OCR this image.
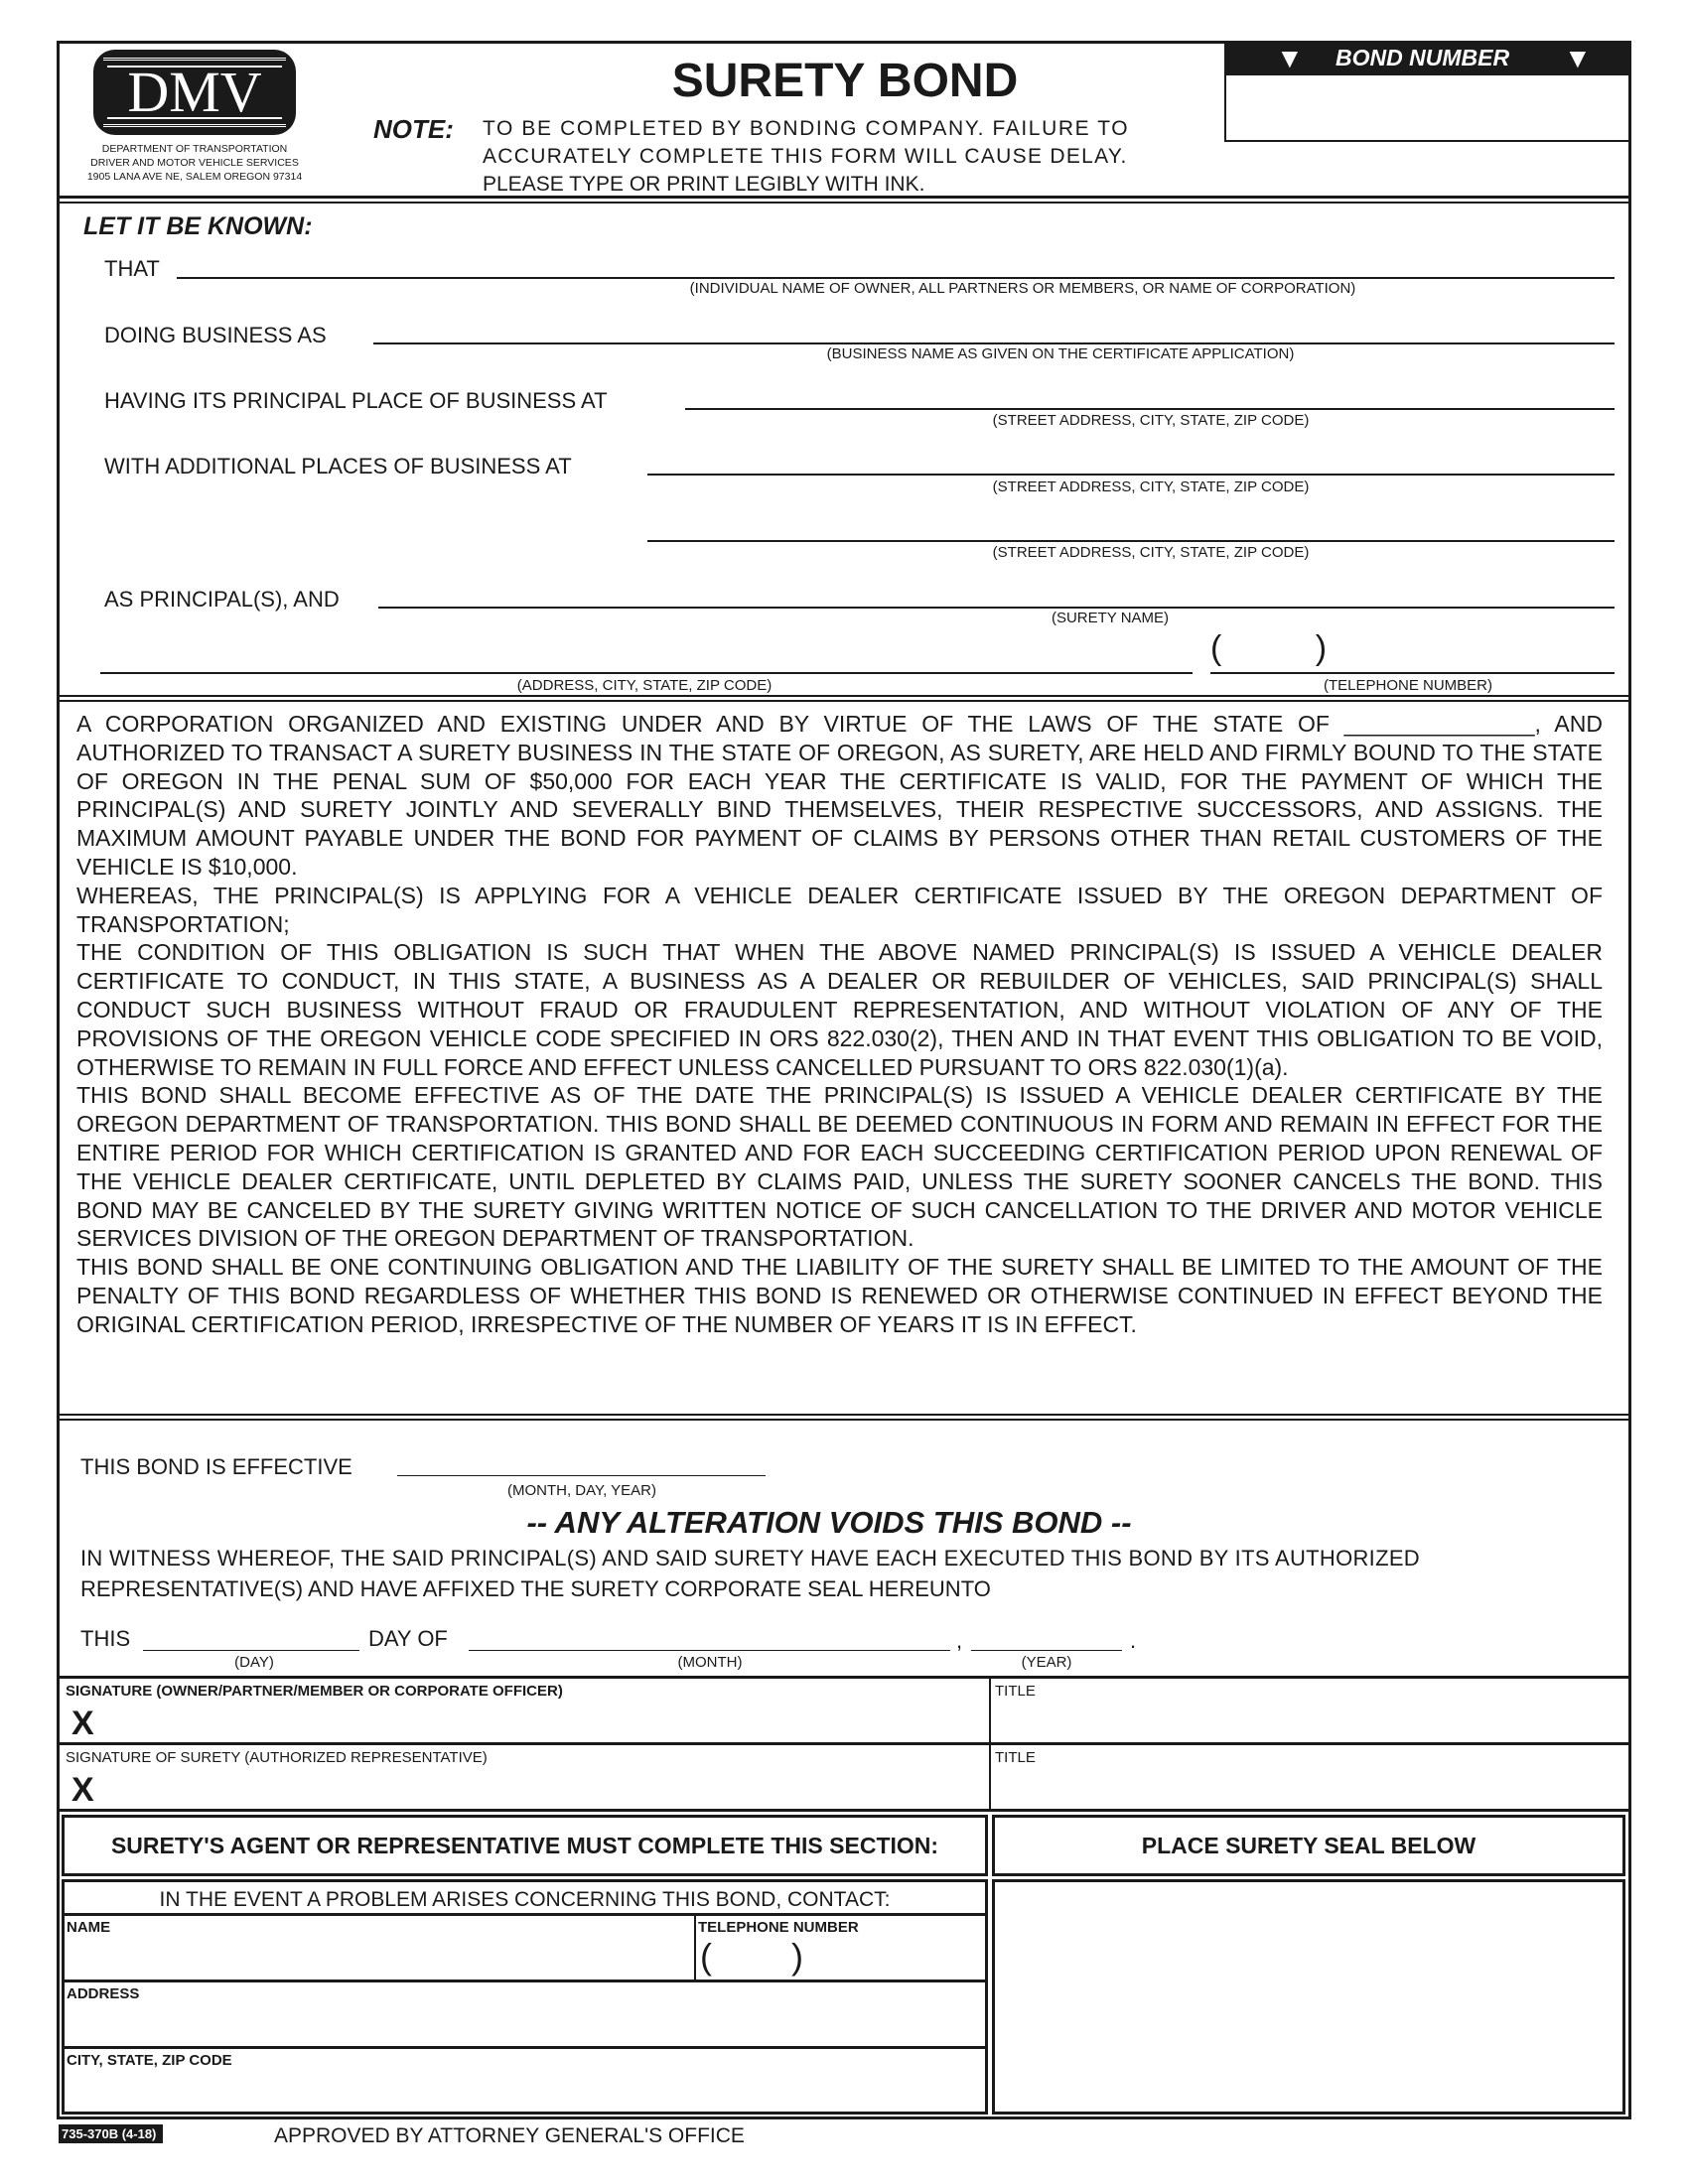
DMV
DEPARTMENT OF TRANSPORTATION
DRIVER AND MOTOR VEHICLE SERVICES
1905 LANA AVE NE, SALEM OREGON 97314
SURETY BOND
NOTE: TO BE COMPLETED BY BONDING COMPANY. FAILURE TO
ACCURATELY COMPLETE THIS FORM WILL CAUSE DELAY.
PLEASE TYPE OR PRINT LEGIBLY WITH INK.
▼ BOND NUMBER ▼
LET IT BE KNOWN:
THAT
(INDIVIDUAL NAME OF OWNER, ALL PARTNERS OR MEMBERS, OR NAME OF CORPORATION)
DOING BUSINESS AS
(BUSINESS NAME AS GIVEN ON THE CERTIFICATE APPLICATION)
HAVING ITS PRINCIPAL PLACE OF BUSINESS AT
(STREET ADDRESS, CITY, STATE, ZIP CODE)
WITH ADDITIONAL PLACES OF BUSINESS AT
(STREET ADDRESS, CITY, STATE, ZIP CODE)
(STREET ADDRESS, CITY, STATE, ZIP CODE)
AS PRINCIPAL(S), AND
(SURETY NAME)
(ADDRESS, CITY, STATE, ZIP CODE)
(          )
(TELEPHONE NUMBER)

A CORPORATION ORGANIZED AND EXISTING UNDER AND BY VIRTUE OF THE LAWS OF THE STATE OF _______________, AND AUTHORIZED TO TRANSACT A SURETY BUSINESS IN THE STATE OF OREGON, AS SURETY, ARE HELD AND FIRMLY BOUND TO THE STATE OF OREGON IN THE PENAL SUM OF $50,000 FOR EACH YEAR THE CERTIFICATE IS VALID, FOR THE PAYMENT OF WHICH THE PRINCIPAL(S) AND SURETY JOINTLY AND SEVERALLY BIND THEMSELVES, THEIR RESPECTIVE SUCCESSORS, AND ASSIGNS. THE MAXIMUM AMOUNT PAYABLE UNDER THE BOND FOR PAYMENT OF CLAIMS BY PERSONS OTHER THAN RETAIL CUSTOMERS OF THE VEHICLE IS $10,000.

WHEREAS, THE PRINCIPAL(S) IS APPLYING FOR A VEHICLE DEALER CERTIFICATE ISSUED BY THE OREGON DEPARTMENT OF TRANSPORTATION;

THE CONDITION OF THIS OBLIGATION IS SUCH THAT WHEN THE ABOVE NAMED PRINCIPAL(S) IS ISSUED A VEHICLE DEALER CERTIFICATE TO CONDUCT, IN THIS STATE, A BUSINESS AS A DEALER OR REBUILDER OF VEHICLES, SAID PRINCIPAL(S) SHALL CONDUCT SUCH BUSINESS WITHOUT FRAUD OR FRAUDULENT REPRESENTATION, AND WITHOUT VIOLATION OF ANY OF THE PROVISIONS OF THE OREGON VEHICLE CODE SPECIFIED IN ORS 822.030(2), THEN AND IN THAT EVENT THIS OBLIGATION TO BE VOID, OTHERWISE TO REMAIN IN FULL FORCE AND EFFECT UNLESS CANCELLED PURSUANT TO ORS 822.030(1)(a).

THIS BOND SHALL BECOME EFFECTIVE AS OF THE DATE THE PRINCIPAL(S) IS ISSUED A VEHICLE DEALER CERTIFICATE BY THE OREGON DEPARTMENT OF TRANSPORTATION. THIS BOND SHALL BE DEEMED CONTINUOUS IN FORM AND REMAIN IN EFFECT FOR THE ENTIRE PERIOD FOR WHICH CERTIFICATION IS GRANTED AND FOR EACH SUCCEEDING CERTIFICATION PERIOD UPON RENEWAL OF THE VEHICLE DEALER CERTIFICATE, UNTIL DEPLETED BY CLAIMS PAID, UNLESS THE SURETY SOONER CANCELS THE BOND. THIS BOND MAY BE CANCELED BY THE SURETY GIVING WRITTEN NOTICE OF SUCH CANCELLATION TO THE DRIVER AND MOTOR VEHICLE SERVICES DIVISION OF THE OREGON DEPARTMENT OF TRANSPORTATION.

THIS BOND SHALL BE ONE CONTINUING OBLIGATION AND THE LIABILITY OF THE SURETY SHALL BE LIMITED TO THE AMOUNT OF THE PENALTY OF THIS BOND REGARDLESS OF WHETHER THIS BOND IS RENEWED OR OTHERWISE CONTINUED IN EFFECT BEYOND THE ORIGINAL CERTIFICATION PERIOD, IRRESPECTIVE OF THE NUMBER OF YEARS IT IS IN EFFECT.

THIS BOND IS EFFECTIVE
(MONTH, DAY, YEAR)
-- ANY ALTERATION VOIDS THIS BOND --
IN WITNESS WHEREOF, THE SAID PRINCIPAL(S) AND SAID SURETY HAVE EACH EXECUTED THIS BOND BY ITS AUTHORIZED
REPRESENTATIVE(S) AND HAVE AFFIXED THE SURETY CORPORATE SEAL HEREUNTO
THIS	DAY OF	,	.
(DAY)	(MONTH)	(YEAR)
SIGNATURE (OWNER/PARTNER/MEMBER OR CORPORATE OFFICER)
X
TITLE
SIGNATURE OF SURETY (AUTHORIZED REPRESENTATIVE)
X
TITLE
SURETY'S AGENT OR REPRESENTATIVE MUST COMPLETE THIS SECTION:	PLACE SURETY SEAL BELOW
IN THE EVENT A PROBLEM ARISES CONCERNING THIS BOND, CONTACT:
NAME	TELEPHONE NUMBER
(        )
ADDRESS
CITY, STATE, ZIP CODE
735-370B (4-18)	APPROVED BY ATTORNEY GENERAL'S OFFICE
